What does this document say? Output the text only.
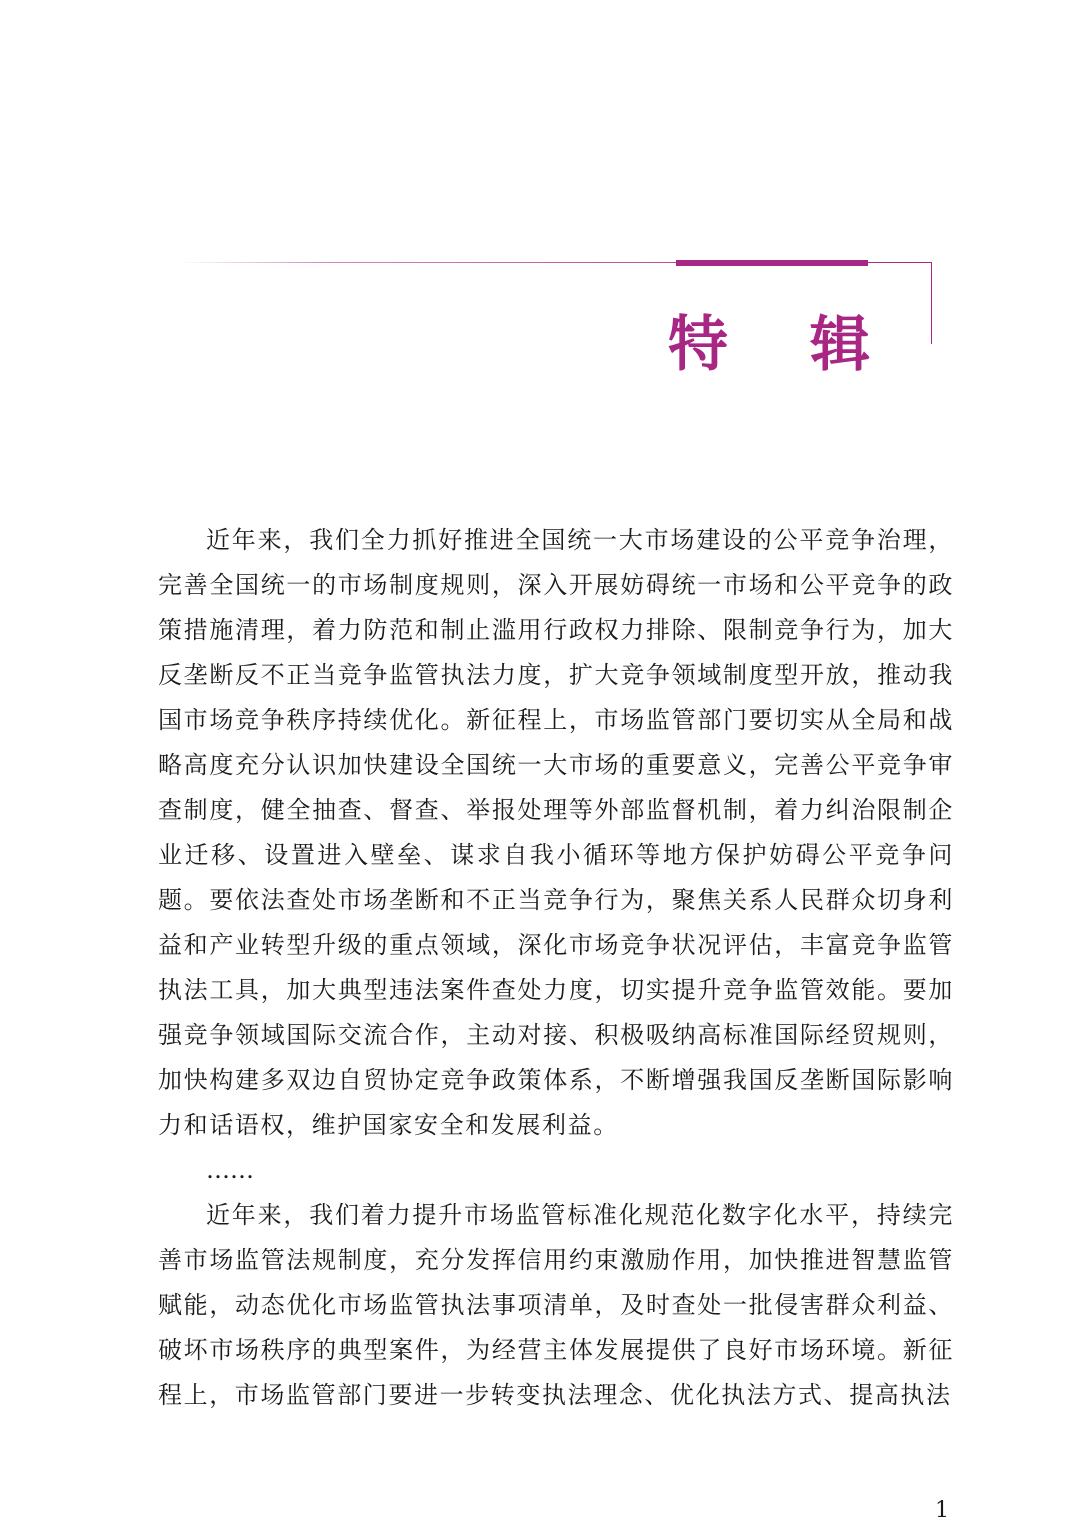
特 辑

近年来，我们全力抓好推进全国统一大市场建设的公平竞争治理，完善全国统一的市场制度规则，深入开展妨碍统一市场和公平竞争的政策措施清理，着力防范和制止滥用行政权力排除、限制竞争行为，加大反垄断反不正当竞争监管执法力度，扩大竞争领域制度型开放，推动我国市场竞争秩序持续优化。新征程上，市场监管部门要切实从全局和战略高度充分认识加快建设全国统一大市场的重要意义，完善公平竞争审查制度，健全抽查、督查、举报处理等外部监督机制，着力纠治限制企业迁移、设置进入壁垒、谋求自我小循环等地方保护妨碍公平竞争问题。要依法查处市场垄断和不正当竞争行为，聚焦关系人民群众切身利益和产业转型升级的重点领域，深化市场竞争状况评估，丰富竞争监管执法工具，加大典型违法案件查处力度，切实提升竞争监管效能。要加强竞争领域国际交流合作，主动对接、积极吸纳高标准国际经贸规则，加快构建多双边自贸协定竞争政策体系，不断增强我国反垄断国际影响力和话语权，维护国家安全和发展利益。

……

近年来，我们着力提升市场监管标准化规范化数字化水平，持续完善市场监管法规制度，充分发挥信用约束激励作用，加快推进智慧监管赋能，动态优化市场监管执法事项清单，及时查处一批侵害群众利益、破坏市场秩序的典型案件，为经营主体发展提供了良好市场环境。新征程上，市场监管部门要进一步转变执法理念、优化执法方式、提高执法

1
